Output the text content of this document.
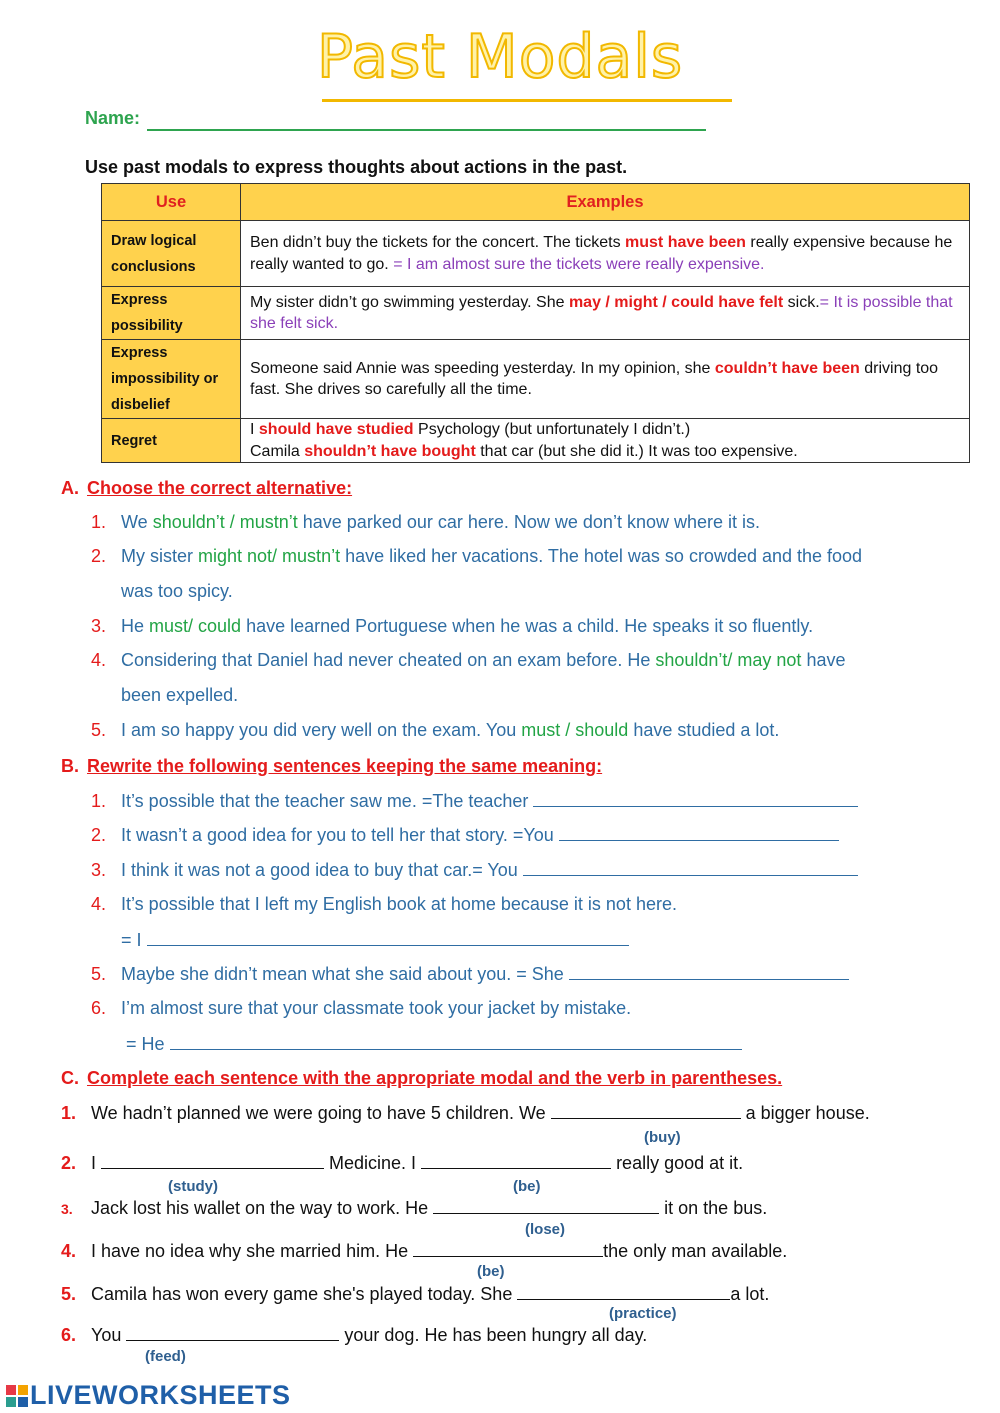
Past Modals
Name:
Use past modals to express thoughts about actions in the past.
Use	Examples
Draw logical conclusions	Ben didn’t buy the tickets for the concert. The tickets must have been really expensive because he really wanted to go. = I am almost sure the tickets were really expensive.
Express possibility	My sister didn’t go swimming yesterday. She may / might / could have felt sick.= It is possible that she felt sick.
Express impossibility or disbelief	Someone said Annie was speeding yesterday. In my opinion, she couldn’t have been driving too fast. She drives so carefully all the time.
Regret	I should have studied Psychology (but unfortunately I didn’t.)
Camila shouldn’t have bought that car (but she did it.) It was too expensive.
A. Choose the correct alternative:
1. We shouldn’t / mustn’t have parked our car here. Now we don’t know where it is.
2. My sister might not/ mustn’t have liked her vacations. The hotel was so crowded and the food
was too spicy.
3. He must/ could have learned Portuguese when he was a child. He speaks it so fluently.
4. Considering that Daniel had never cheated on an exam before. He shouldn’t/ may not have
been expelled.
5. I am so happy you did very well on the exam. You must / should have studied a lot.
B. Rewrite the following sentences keeping the same meaning:
1. It’s possible that the teacher saw me. =The teacher
2. It wasn’t a good idea for you to tell her that story. =You
3. I think it was not a good idea to buy that car.= You
4. It’s possible that I left my English book at home because it is not here.
= I
5. Maybe she didn’t mean what she said about you. = She
6. I’m almost sure that your classmate took your jacket by mistake.
= He
C. Complete each sentence with the appropriate modal and the verb in parentheses.
1. We hadn’t planned we were going to have 5 children. We	a bigger house.
(buy)
2. I	Medicine. I	really good at it.
(study)	(be)
3. Jack lost his wallet on the way to work. He	it on the bus.
(lose)
4. I have no idea why she married him. He	the only man available.
(be)
5. Camila has won every game she's played today. She	a lot.
(practice)
6. You	your dog. He has been hungry all day.
(feed)
LIVEWORKSHEETS
